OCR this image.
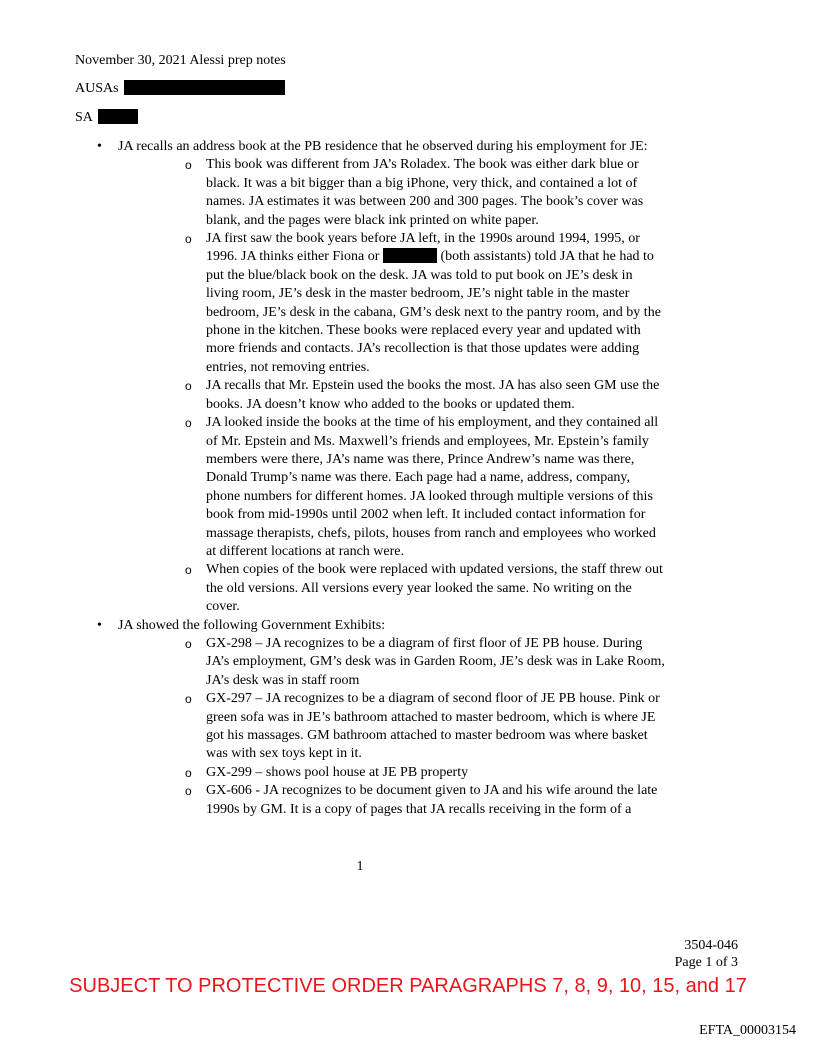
November 30, 2021 Alessi prep notes
AUSAs
SA
• JA recalls an address book at the PB residence that he observed during his employment for JE:
o This book was different from JA’s Roladex. The book was either dark blue or black. It was a bit bigger than a big iPhone, very thick, and contained a lot of names. JA estimates it was between 200 and 300 pages. The book’s cover was blank, and the pages were black ink printed on white paper.
o JA first saw the book years before JA left, in the 1990s around 1994, 1995, or 1996. JA thinks either Fiona or	(both assistants) told JA that he had to put the blue/black book on the desk. JA was told to put book on JE’s desk in living room, JE’s desk in the master bedroom, JE’s night table in the master bedroom, JE’s desk in the cabana, GM’s desk next to the pantry room, and by the phone in the kitchen. These books were replaced every year and updated with more friends and contacts. JA’s recollection is that those updates were adding entries, not removing entries.
o JA recalls that Mr. Epstein used the books the most. JA has also seen GM use the books. JA doesn’t know who added to the books or updated them.
o JA looked inside the books at the time of his employment, and they contained all of Mr. Epstein and Ms. Maxwell’s friends and employees, Mr. Epstein’s family members were there, JA’s name was there, Prince Andrew’s name was there, Donald Trump’s name was there. Each page had a name, address, company, phone numbers for different homes. JA looked through multiple versions of this book from mid-1990s until 2002 when left. It included contact information for massage therapists, chefs, pilots, houses from ranch and employees who worked at different locations at ranch were.
o When copies of the book were replaced with updated versions, the staff threw out the old versions. All versions every year looked the same. No writing on the cover.
• JA showed the following Government Exhibits:
o GX-298 – JA recognizes to be a diagram of first floor of JE PB house. During JA’s employment, GM’s desk was in Garden Room, JE’s desk was in Lake Room, JA’s desk was in staff room
o GX-297 – JA recognizes to be a diagram of second floor of JE PB house. Pink or green sofa was in JE’s bathroom attached to master bedroom, which is where JE got his massages. GM bathroom attached to master bedroom was where basket was with sex toys kept in it.
o GX-299 – shows pool house at JE PB property
o GX-606 - JA recognizes to be document given to JA and his wife around the late 1990s by GM. It is a copy of pages that JA recalls receiving in the form of a
1
3504-046
Page 1 of 3
SUBJECT TO PROTECTIVE ORDER PARAGRAPHS 7, 8, 9, 10, 15, and 17
EFTA_00003154
